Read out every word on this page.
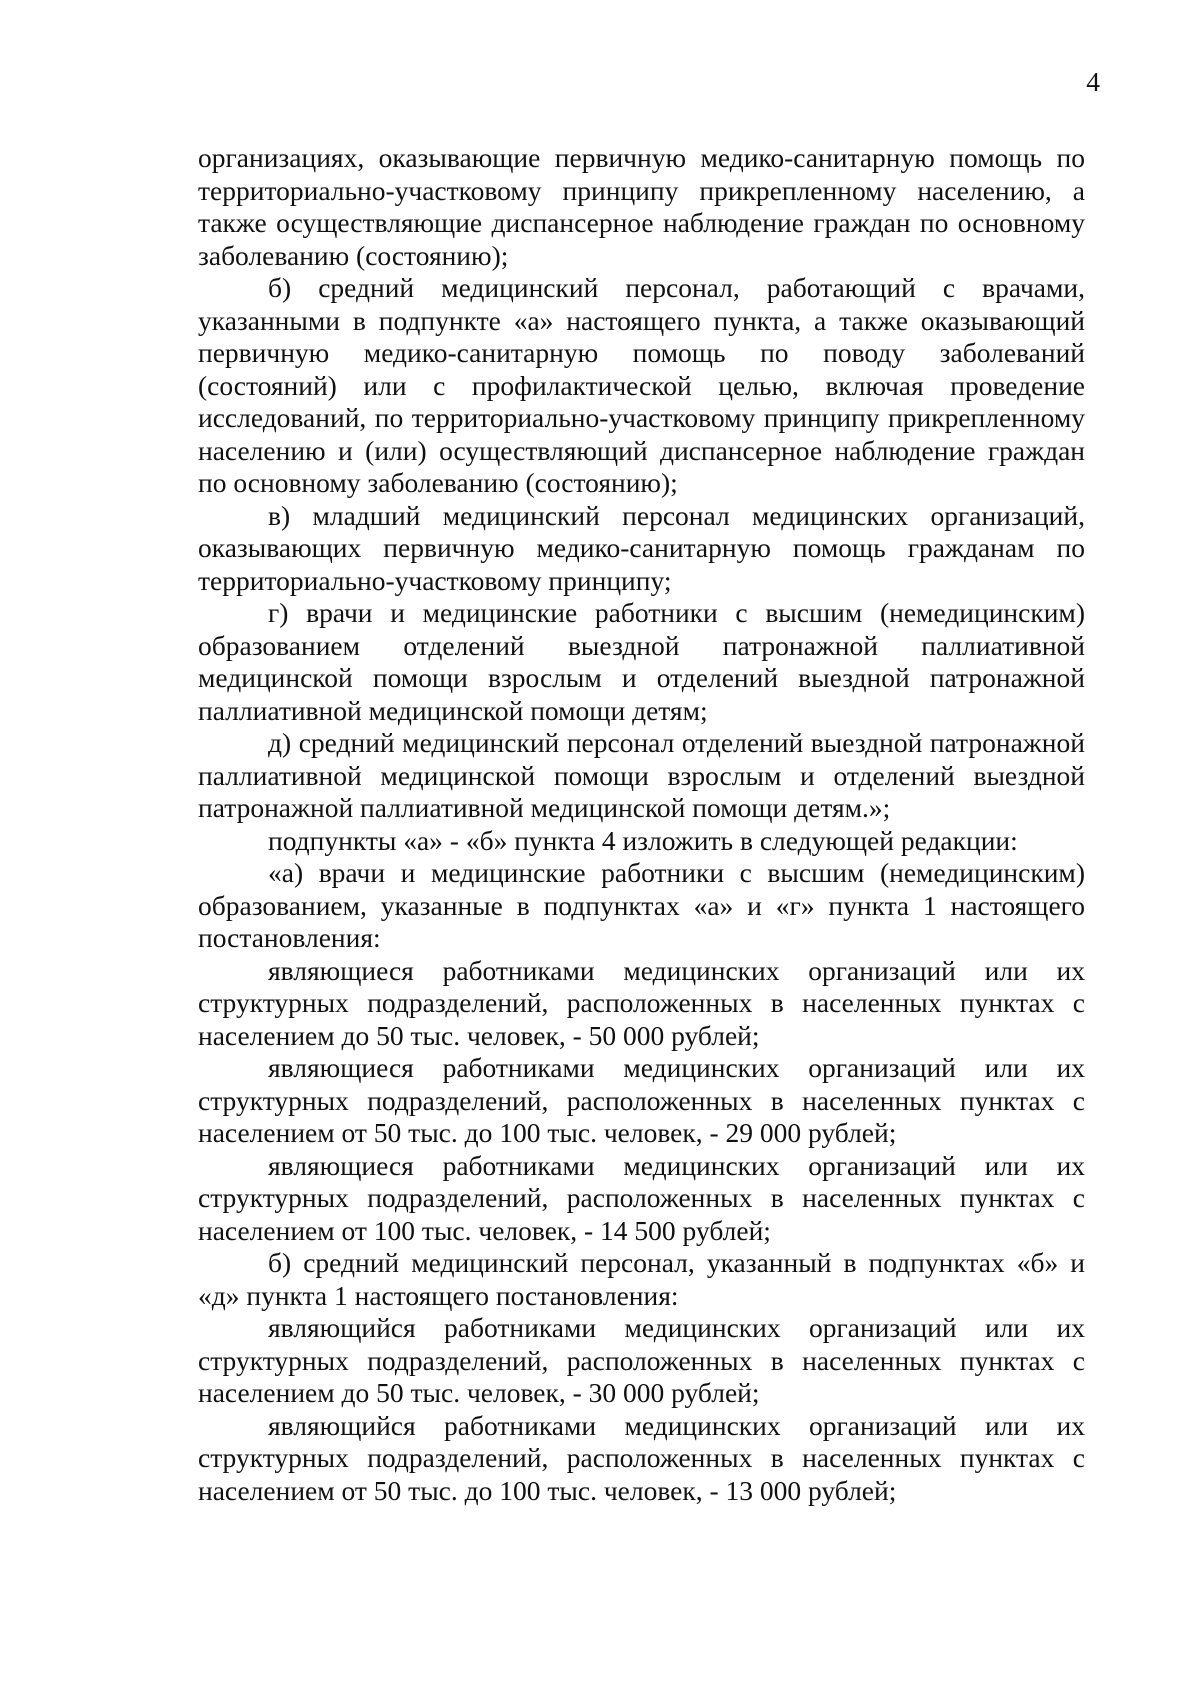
4

организациях, оказывающие первичную медико-санитарную помощь по территориально-участковому принципу прикрепленному населению, а также осуществляющие диспансерное наблюдение граждан по основному заболеванию (состоянию);

б) средний медицинский персонал, работающий с врачами, указанными в подпункте «а» настоящего пункта, а также оказывающий первичную медико-санитарную помощь по поводу заболеваний (состояний) или с профилактической целью, включая проведение исследований, по территориально-участковому принципу прикрепленному населению и (или) осуществляющий диспансерное наблюдение граждан по основному заболеванию (состоянию);

в) младший медицинский персонал медицинских организаций, оказывающих первичную медико-санитарную помощь гражданам по территориально-участковому принципу;

г) врачи и медицинские работники с высшим (немедицинским) образованием отделений выездной патронажной паллиативной медицинской помощи взрослым и отделений выездной патронажной паллиативной медицинской помощи детям;

д) средний медицинский персонал отделений выездной патронажной паллиативной медицинской помощи взрослым и отделений выездной патронажной паллиативной медицинской помощи детям.»;

подпункты «а» - «б» пункта 4 изложить в следующей редакции:

«а) врачи и медицинские работники с высшим (немедицинским) образованием, указанные в подпунктах «а» и «г» пункта 1 настоящего постановления:

являющиеся работниками медицинских организаций или их структурных подразделений, расположенных в населенных пунктах с населением до 50 тыс. человек, - 50 000 рублей;

являющиеся работниками медицинских организаций или их структурных подразделений, расположенных в населенных пунктах с населением от 50 тыс. до 100 тыс. человек, - 29 000 рублей;

являющиеся работниками медицинских организаций или их структурных подразделений, расположенных в населенных пунктах с населением от 100 тыс. человек, - 14 500 рублей;

б) средний медицинский персонал, указанный в подпунктах «б» и «д» пункта 1 настоящего постановления:

являющийся работниками медицинских организаций или их структурных подразделений, расположенных в населенных пунктах с населением до 50 тыс. человек, - 30 000 рублей;

являющийся работниками медицинских организаций или их структурных подразделений, расположенных в населенных пунктах с населением от 50 тыс. до 100 тыс. человек, - 13 000 рублей;
